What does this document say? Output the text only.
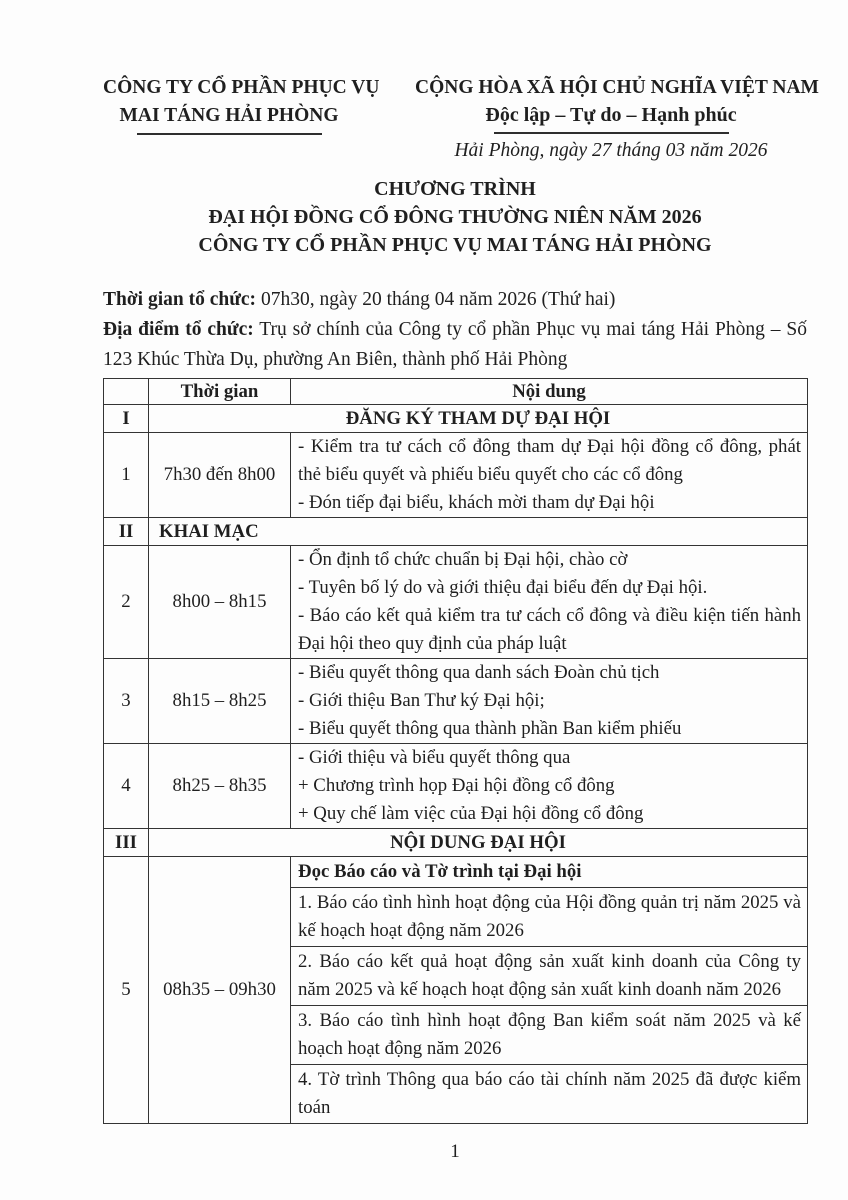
CÔNG TY CỔ PHẦN PHỤC VỤ
MAI TÁNG HẢI PHÒNG
CỘNG HÒA XÃ HỘI CHỦ NGHĨA VIỆT NAM
Độc lập – Tự do – Hạnh phúc
Hải Phòng, ngày 27 tháng 03 năm 2026
CHƯƠNG TRÌNH
ĐẠI HỘI ĐỒNG CỔ ĐÔNG THƯỜNG NIÊN NĂM 2026
CÔNG TY CỔ PHẦN PHỤC VỤ MAI TÁNG HẢI PHÒNG

Thời gian tổ chức: 07h30, ngày 20 tháng 04 năm 2026 (Thứ hai)

Địa điểm tổ chức: Trụ sở chính của Công ty cổ phần Phục vụ mai táng Hải Phòng – Số 123 Khúc Thừa Dụ, phường An Biên, thành phố Hải Phòng

	Thời gian	Nội dung
I	ĐĂNG KÝ THAM DỰ ĐẠI HỘI	
1	7h30 đến 8h00	- Kiểm tra tư cách cổ đông tham dự Đại hội đồng cổ đông, phát thẻ biểu quyết và phiếu biểu quyết cho các cổ đông
- Đón tiếp đại biểu, khách mời tham dự Đại hội

II	KHAI MẠC	
2	8h00 – 8h15	- Ổn định tổ chức chuẩn bị Đại hội, chào cờ
- Tuyên bố lý do và giới thiệu đại biểu đến dự Đại hội.
- Báo cáo kết quả kiểm tra tư cách cổ đông và điều kiện tiến hành Đại hội theo quy định của pháp luật

3	8h15 – 8h25	- Biểu quyết thông qua danh sách Đoàn chủ tịch
- Giới thiệu Ban Thư ký Đại hội;
- Biểu quyết thông qua thành phần Ban kiểm phiếu

4	8h25 – 8h35	- Giới thiệu và biểu quyết thông qua
+ Chương trình họp Đại hội đồng cổ đông
+ Quy chế làm việc của Đại hội đồng cổ đông

III	NỘI DUNG ĐẠI HỘI	
5	08h35 – 09h30	Đọc Báo cáo và Tờ trình tại Đại hội
1. Báo cáo tình hình hoạt động của Hội đồng quản trị năm 2025 và kế hoạch hoạt động năm 2026
2. Báo cáo kết quả hoạt động sản xuất kinh doanh của Công ty năm 2025 và kế hoạch hoạt động sản xuất kinh doanh năm 2026
3. Báo cáo tình hình hoạt động Ban kiểm soát năm 2025 và kế hoạch hoạt động năm 2026
4. Tờ trình Thông qua báo cáo tài chính năm 2025 đã được kiểm toán
1
